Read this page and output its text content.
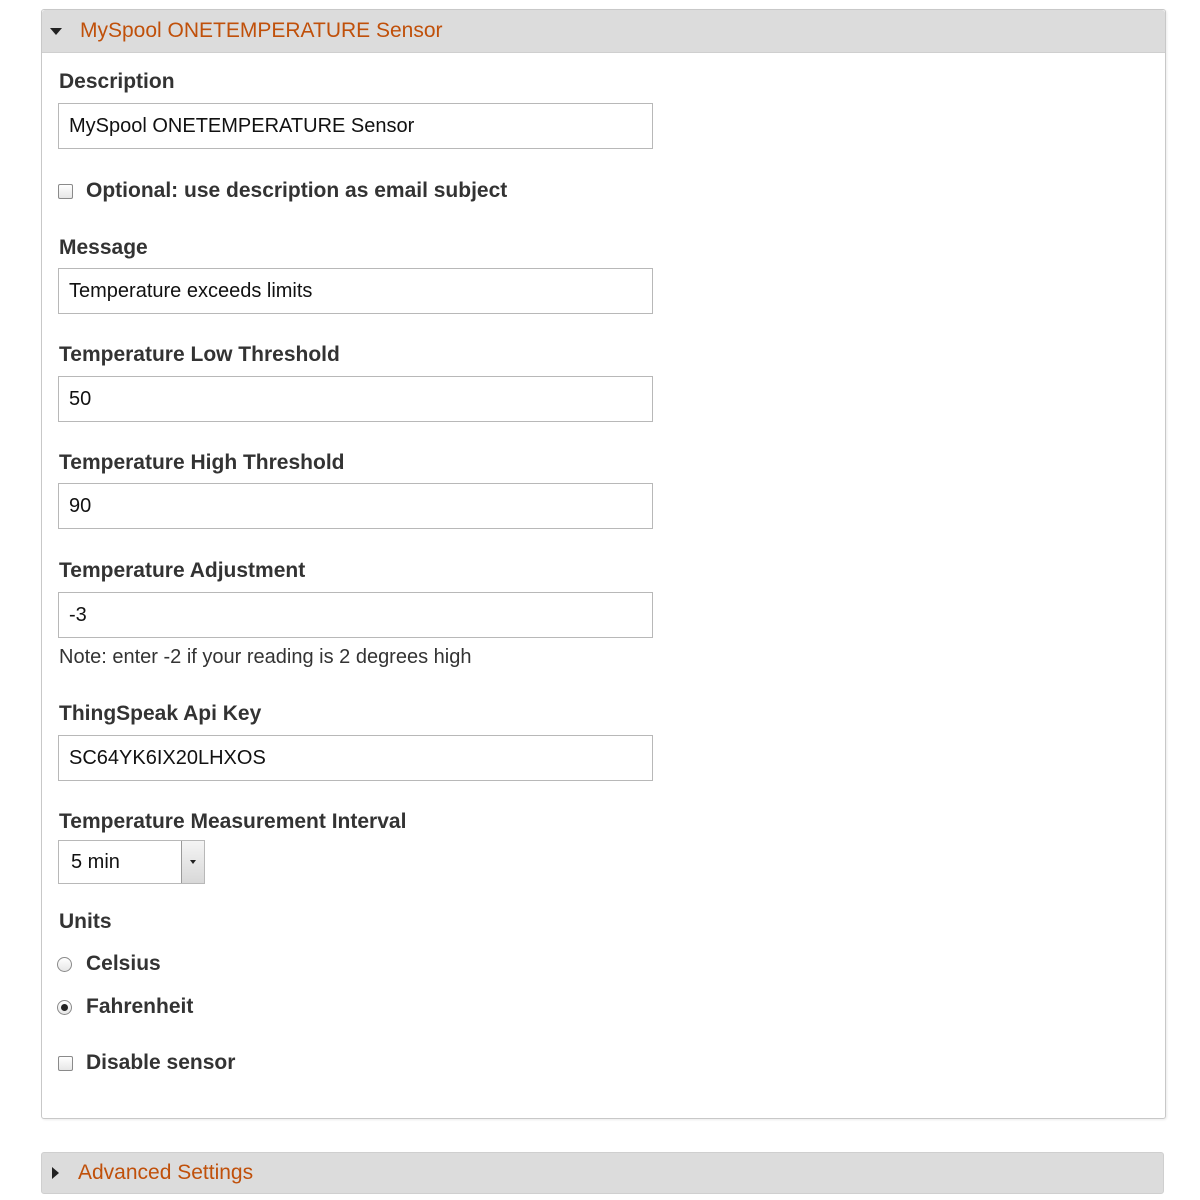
MySpool ONETEMPERATURE Sensor
Description
MySpool ONETEMPERATURE Sensor
Optional: use description as email subject
Message
Temperature exceeds limits
Temperature Low Threshold
50
Temperature High Threshold
90
Temperature Adjustment
-3
Note: enter -2 if your reading is 2 degrees high
ThingSpeak Api Key
SC64YK6IX20LHXOS
Temperature Measurement Interval
5 min
Units
Celsius
Fahrenheit
Disable sensor
Advanced Settings
